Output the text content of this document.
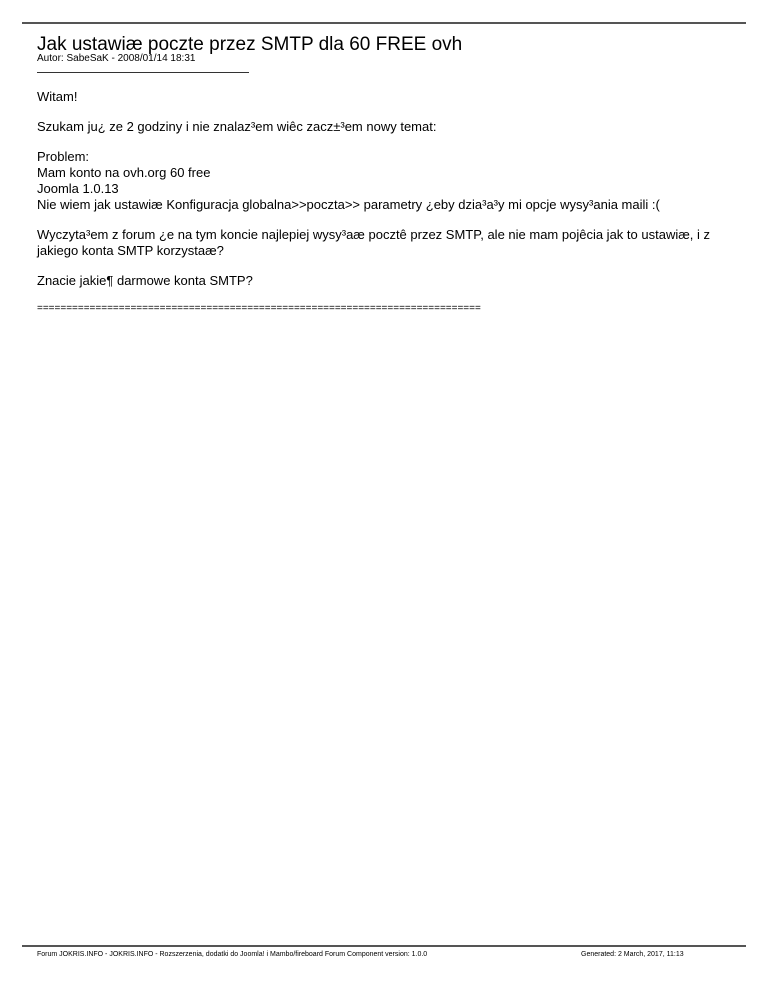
Jak ustawiæ poczte przez SMTP dla 60 FREE ovh
Autor: SabeSaK - 2008/01/14 18:31

Witam!

Szukam ju¿ ze 2 godziny i nie znalaz³em wiêc zacz±³em nowy temat:

Problem:
Mam konto na ovh.org 60 free
Joomla 1.0.13
Nie wiem jak ustawiæ Konfiguracja globalna>>poczta>> parametry ¿eby dzia³a³y mi opcje wysy³ania maili :(

Wyczyta³em z forum ¿e na tym koncie najlepiej wysy³aæ pocztê przez SMTP, ale nie mam pojêcia jak to ustawiæ, i z jakiego konta SMTP korzystaæ?

Znacie jakie¶ darmowe konta SMTP?

============================================================================
Forum JOKRIS.INFO - JOKRIS.INFO - Rozszerzenia, dodatki do Joomla! i Mambo/fireboard Forum Component version: 1.0.0	Generated: 2 March, 2017, 11:13
